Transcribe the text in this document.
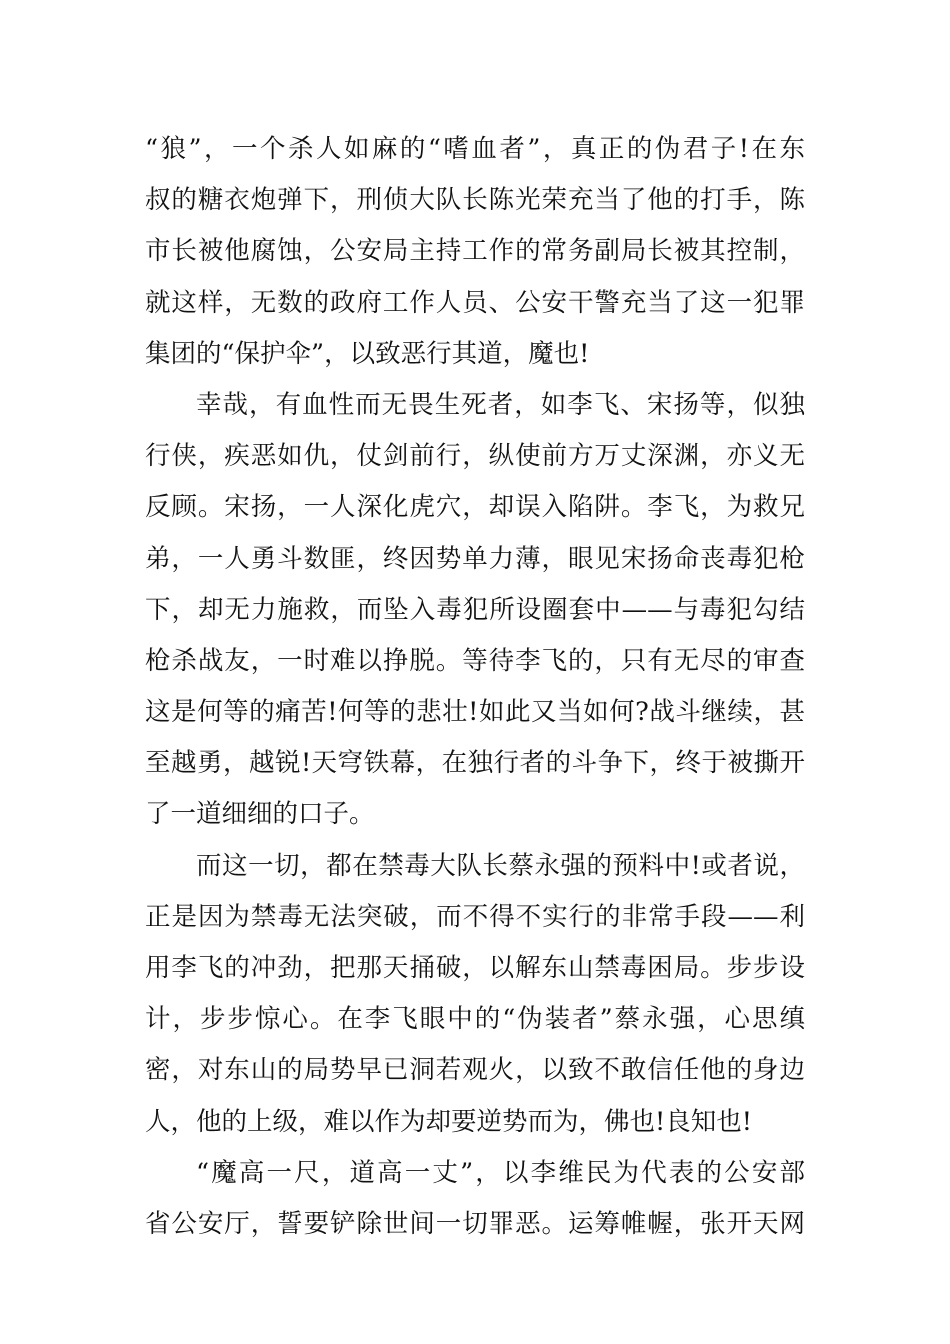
“狼”，一个杀人如麻的“嗜血者”，真正的伪君子!在东
叔的糖衣炮弹下，刑侦大队长陈光荣充当了他的打手，陈
市长被他腐蚀，公安局主持工作的常务副局长被其控制，
就这样，无数的政府工作人员、公安干警充当了这一犯罪
集团的“保护伞”，以致恶行其道，魔也!
幸哉，有血性而无畏生死者，如李飞、宋扬等，似独
行侠，疾恶如仇，仗剑前行，纵使前方万丈深渊，亦义无
反顾。宋扬，一人深化虎穴，却误入陷阱。李飞，为救兄
弟，一人勇斗数匪，终因势单力薄，眼见宋扬命丧毒犯枪
下，却无力施救，而坠入毒犯所设圈套中——与毒犯勾结
枪杀战友，一时难以挣脱。等待李飞的，只有无尽的审查
这是何等的痛苦!何等的悲壮!如此又当如何?战斗继续，甚
至越勇，越锐!天穹铁幕，在独行者的斗争下，终于被撕开
了一道细细的口子。
而这一切，都在禁毒大队长蔡永强的预料中!或者说，
正是因为禁毒无法突破，而不得不实行的非常手段——利
用李飞的冲劲，把那天捅破，以解东山禁毒困局。步步设
计，步步惊心。在李飞眼中的“伪装者”蔡永强，心思缜
密，对东山的局势早已洞若观火，以致不敢信任他的身边
人，他的上级，难以作为却要逆势而为，佛也!良知也!
“魔高一尺，道高一丈”，以李维民为代表的公安部
省公安厅，誓要铲除世间一切罪恶。运筹帷幄，张开天网
